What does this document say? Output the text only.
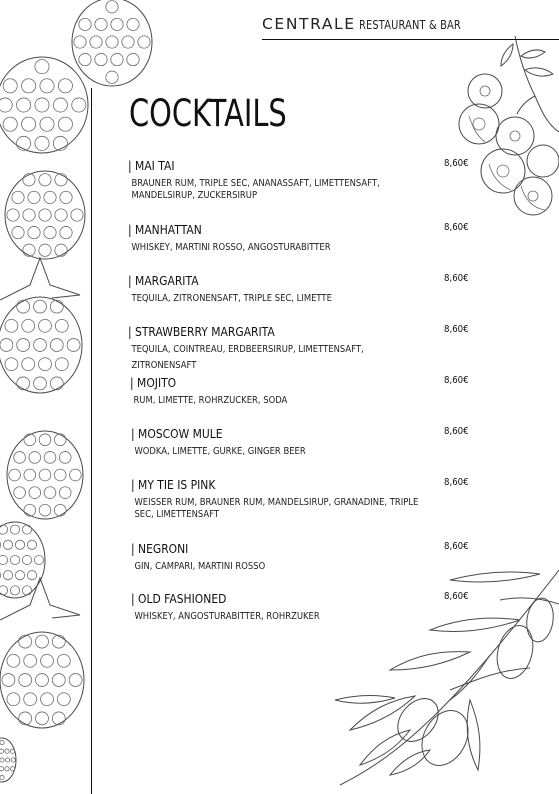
CENTRALE RESTAURANT & BAR
COCKTAILS
| MAI TAI
BRAUNER RUM, TRIPLE SEC, ANANASSAFT, LIMETTENSAFT, MANDELSIRUP, ZUCKERSIRUP
8,60€
| MANHATTAN
WHISKEY, MARTINI ROSSO, ANGOSTURABITTER
8,60€
| MARGARITA
TEQUILA, ZITRONENSAFT, TRIPLE SEC, LIMETTE
8,60€
| STRAWBERRY MARGARITA
TEQUILA, COINTREAU, ERDBEERSIRUP, LIMETTENSAFT, ZITRONENSAFT
8,60€
| MOJITO
RUM, LIMETTE, ROHRZUCKER, SODA
8,60€
| MOSCOW MULE
WODKA, LIMETTE, GURKE, GINGER BEER
8,60€
| MY TIE IS PINK
WEISSER RUM, BRAUNER RUM, MANDELSIRUP, GRANADINE, TRIPLE SEC, LIMETTENSAFT
8,60€
| NEGRONI
GIN, CAMPARI, MARTINI ROSSO
8,60€
| OLD FASHIONED
WHISKEY, ANGOSTURABITTER, ROHRZUKER
8,60€
